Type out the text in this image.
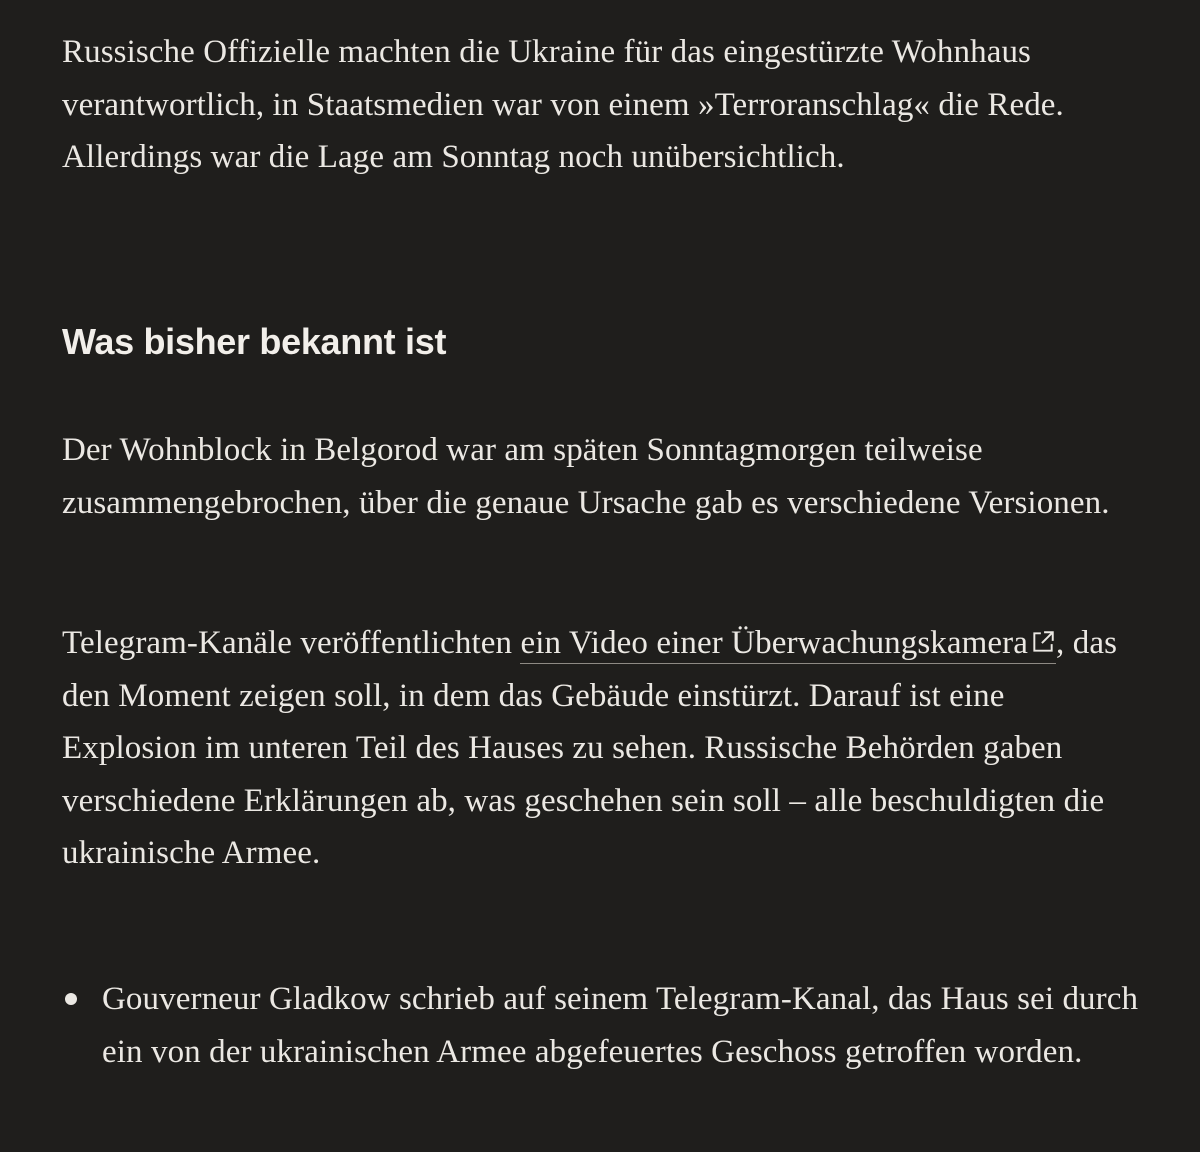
Russische Offizielle machten die Ukraine für das eingestürzte Wohnhaus verantwortlich, in Staatsmedien war von einem »Terroranschlag« die Rede. Allerdings war die Lage am Sonntag noch unübersichtlich.

Was bisher bekannt ist

Der Wohnblock in Belgorod war am späten Sonntagmorgen teilweise zusammengebrochen, über die genaue Ursache gab es verschiedene Versionen.

Telegram-Kanäle veröffentlichten ein Video einer Überwachungskamera , das den Moment zeigen soll, in dem das Gebäude einstürzt. Darauf ist eine Explosion im unteren Teil des Hauses zu sehen. Russische Behörden gaben verschiedene Erklärungen ab, was geschehen sein soll – alle beschuldigten die ukrainische Armee.

Gouverneur Gladkow schrieb auf seinem Telegram-Kanal, das Haus sei durch ein von der ukrainischen Armee abgefeuertes Geschoss getroffen worden.
